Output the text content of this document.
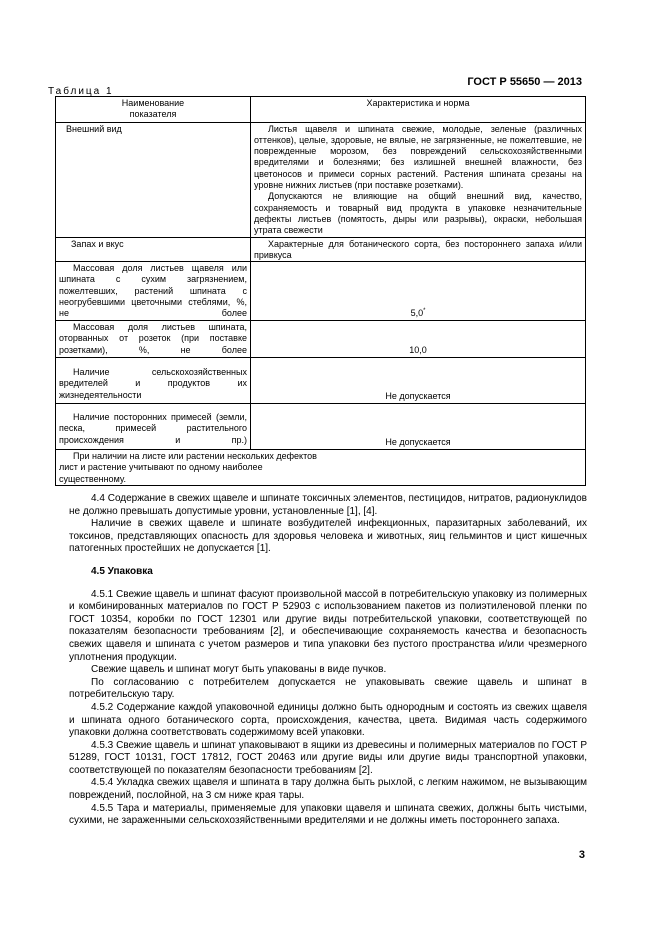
ГОСТ Р 55650 — 2013
Таблица 1
Наименование показателя	Характеристика и норма
Внешний вид	Листья щавеля и шпината свежие, молодые, зеленые (различных оттенков), целые, здоровые, не вялые, не загрязненные, не пожелтевшие, не поврежденные морозом, без повреждений сельскохозяйственными вредителями и болезнями; без излишней внешней влажности, без цветоносов и примеси сорных растений. Растения шпината срезаны на уровне нижних листьев (при поставке розетками).
Допускаются не влияющие на общий внешний вид, качество, сохраняемость и товарный вид продукта в упаковке незначительные дефекты листьев (помятость, дыры или разрывы), окраски, небольшая утрата свежести

Запах и вкус	Характерные для ботанического сорта, без постороннего запаха и/или привкуса
Массовая доля листьев щавеля или шпината с сухим загрязнением, пожелтевших, растений шпината с неогрубевшими цветочными стеблями, %, не более	5,0*

Массовая доля листьев шпината, оторванных от розеток (при поставке розетками), %, не более	10,0

Наличие сельскохозяйственных вредителей и продуктов их жизнедеятельности	Не допускается

Наличие посторонних примесей (земли, песка, примесей растительного происхождения и пр.)	Не допускается

При наличии на листе или растении нескольких дефектов лист и растение учитывают по одному наиболее существенному.	

4.4 Содержание в свежих щавеле и шпинате токсичных элементов, пестицидов, нитратов, радионуклидов не должно превышать допустимые уровни, установленные [1], [4].

Наличие в свежих щавеле и шпинате возбудителей инфекционных, паразитарных заболеваний, их токсинов, представляющих опасность для здоровья человека и животных, яиц гельминтов и цист кишечных патогенных простейших не допускается [1].

4.5 Упаковка

4.5.1 Свежие щавель и шпинат фасуют произвольной массой в потребительскую упаковку из полимерных и комбинированных материалов по ГОСТ Р 52903 с использованием пакетов из полиэтиленовой пленки по ГОСТ 10354, коробки по ГОСТ 12301 или другие виды потребительской упаковки, соответствующей по показателям безопасности требованиям [2], и обеспечивающие сохраняемость качества и безопасность свежих щавеля и шпината с учетом размеров и типа упаковки без пустого пространства и/или чрезмерного уплотнения продукции.

Свежие щавель и шпинат могут быть упакованы в виде пучков.

По согласованию с потребителем допускается не упаковывать свежие щавель и шпинат в потребительскую тару.

4.5.2 Содержание каждой упаковочной единицы должно быть однородным и состоять из свежих щавеля и шпината одного ботанического сорта, происхождения, качества, цвета. Видимая часть содержимого упаковки должна соответствовать содержимому всей упаковки.

4.5.3 Свежие щавель и шпинат упаковывают в ящики из древесины и полимерных материалов по ГОСТ Р 51289, ГОСТ 10131, ГОСТ 17812, ГОСТ 20463 или другие виды или другие виды транспортной упаковки, соответствующей по показателям безопасности требованиям [2].

4.5.4 Укладка свежих щавеля и шпината в тару должна быть рыхлой, с легким нажимом, не вызывающим повреждений, послойной, на 3 см ниже края тары.

4.5.5 Тара и материалы, применяемые для упаковки щавеля и шпината свежих, должны быть чистыми, сухими, не зараженными сельскохозяйственными вредителями и не должны иметь постороннего запаха.

3
